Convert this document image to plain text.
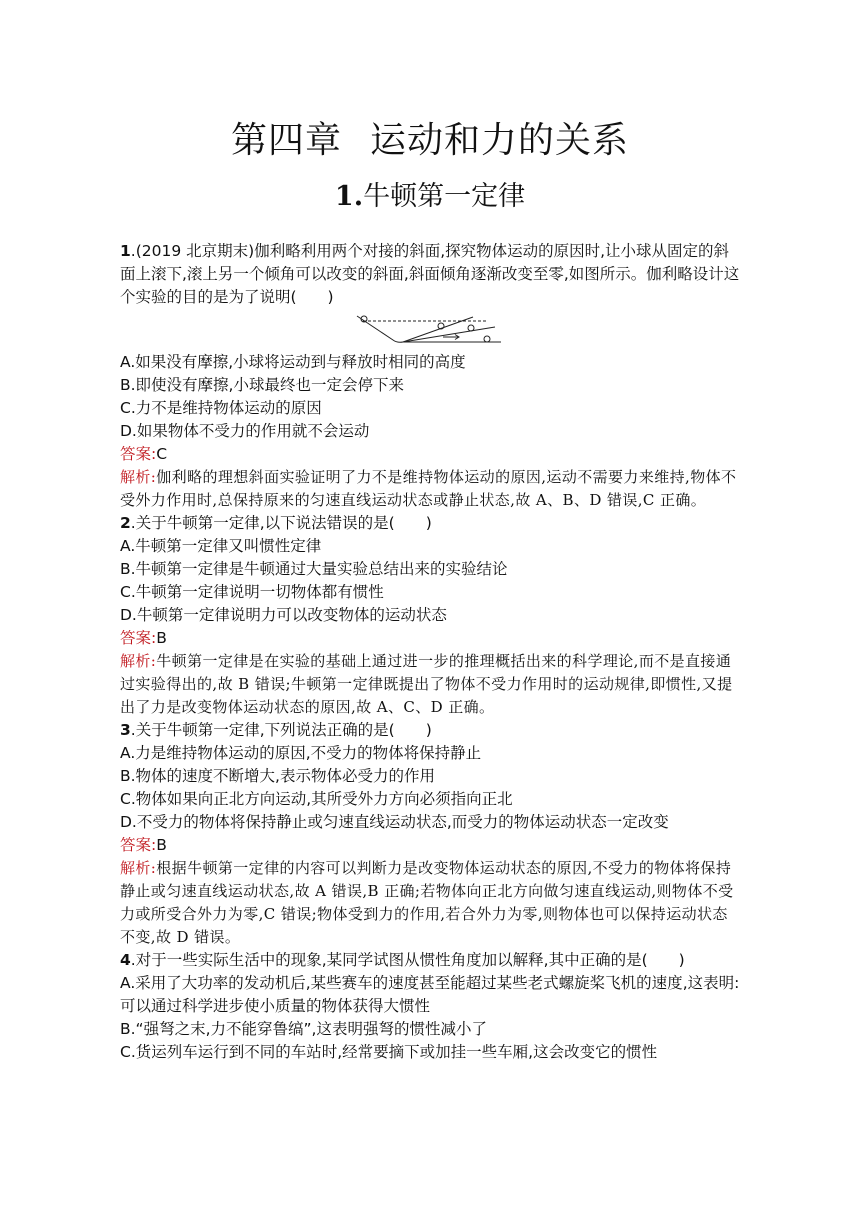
第四章 运动和力的关系
1.牛顿第一定律

1.(2019 北京期末)伽利略利用两个对接的斜面,探究物体运动的原因时,让小球从固定的斜面上滚下,滚上另一个倾角可以改变的斜面,斜面倾角逐渐改变至零,如图所示。伽利略设计这个实验的目的是为了说明(　　)

A.如果没有摩擦,小球将运动到与释放时相同的高度

B.即使没有摩擦,小球最终也一定会停下来

C.力不是维持物体运动的原因

D.如果物体不受力的作用就不会运动

答案:C

解析:伽利略的理想斜面实验证明了力不是维持物体运动的原因,运动不需要力来维持,物体不受外力作用时,总保持原来的匀速直线运动状态或静止状态,故 A、B、D 错误,C 正确。

2.关于牛顿第一定律,以下说法错误的是(　　)

A.牛顿第一定律又叫惯性定律

B.牛顿第一定律是牛顿通过大量实验总结出来的实验结论

C.牛顿第一定律说明一切物体都有惯性

D.牛顿第一定律说明力可以改变物体的运动状态

答案:B

解析:牛顿第一定律是在实验的基础上通过进一步的推理概括出来的科学理论,而不是直接通过实验得出的,故 B 错误;牛顿第一定律既提出了物体不受力作用时的运动规律,即惯性,又提出了力是改变物体运动状态的原因,故 A、C、D 正确。

3.关于牛顿第一定律,下列说法正确的是(　　)

A.力是维持物体运动的原因,不受力的物体将保持静止

B.物体的速度不断增大,表示物体必受力的作用

C.物体如果向正北方向运动,其所受外力方向必须指向正北

D.不受力的物体将保持静止或匀速直线运动状态,而受力的物体运动状态一定改变

答案:B

解析:根据牛顿第一定律的内容可以判断力是改变物体运动状态的原因,不受力的物体将保持静止或匀速直线运动状态,故 A 错误,B 正确;若物体向正北方向做匀速直线运动,则物体不受力或所受合外力为零,C 错误;物体受到力的作用,若合外力为零,则物体也可以保持运动状态不变,故 D 错误。

4.对于一些实际生活中的现象,某同学试图从惯性角度加以解释,其中正确的是(　　)

A.采用了大功率的发动机后,某些赛车的速度甚至能超过某些老式螺旋桨飞机的速度,这表明:可以通过科学进步使小质量的物体获得大惯性

B.“强弩之末,力不能穿鲁缟”,这表明强弩的惯性减小了

C.货运列车运行到不同的车站时,经常要摘下或加挂一些车厢,这会改变它的惯性
